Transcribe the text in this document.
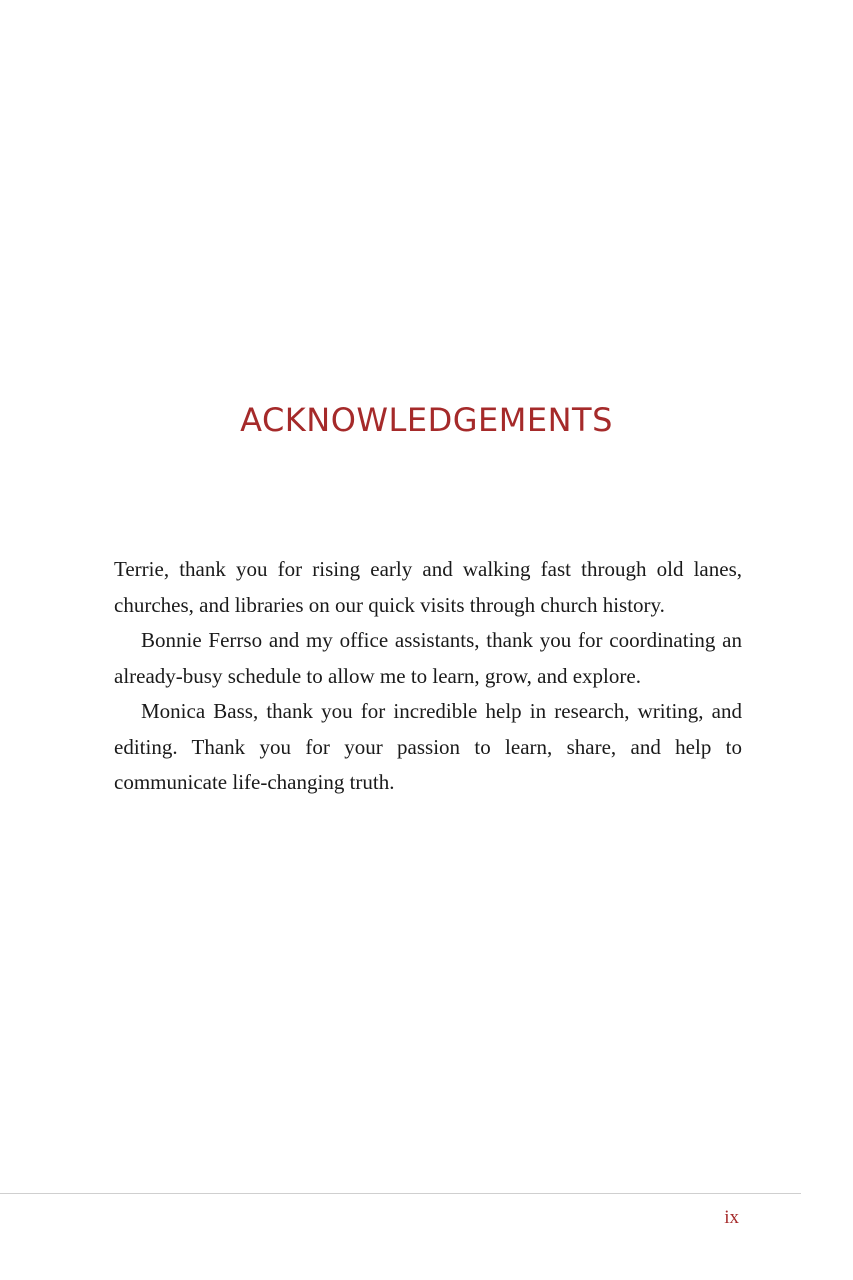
ACKNOWLEDGEMENTS

Terrie, thank you for rising early and walking fast through old lanes, churches, and libraries on our quick visits through church history.

Bonnie Ferrso and my office assistants, thank you for coordinating an already-busy schedule to allow me to learn, grow, and explore.

Monica Bass, thank you for incredible help in research, writing, and editing. Thank you for your passion to learn, share, and help to communicate life-changing truth.

ix
